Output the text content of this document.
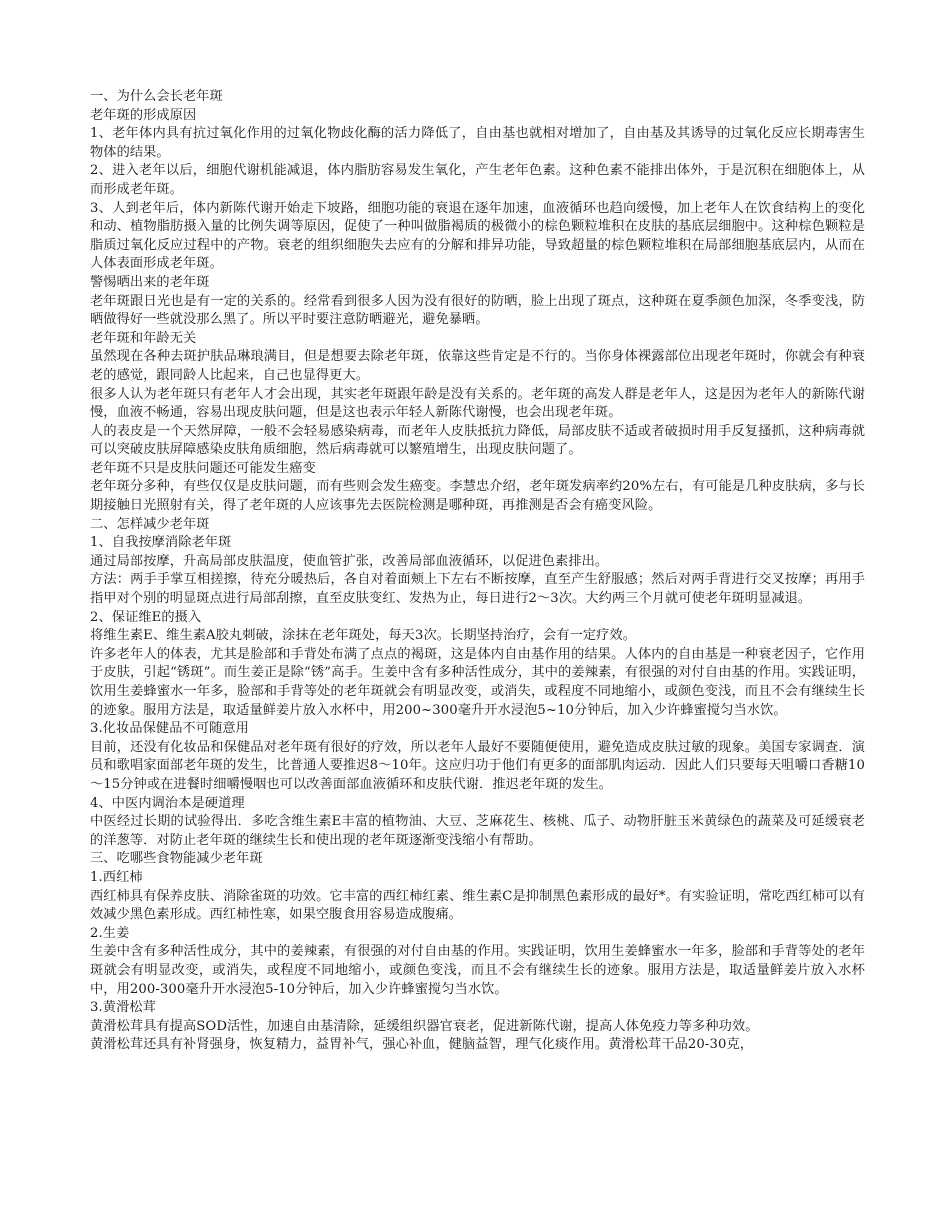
一、为什么会长老年斑
老年斑的形成原因

1、老年体内具有抗过氧化作用的过氧化物歧化酶的活力降低了，自由基也就相对增加了，自由基及其诱导的过氧化反应长期毒害生物体的结果。

2、进入老年以后，细胞代谢机能减退，体内脂肪容易发生氧化，产生老年色素。这种色素不能排出体外，于是沉积在细胞体上，从而形成老年斑。

3、人到老年后，体内新陈代谢开始走下坡路，细胞功能的衰退在逐年加速，血液循环也趋向缓慢，加上老年人在饮食结构上的变化和动、植物脂肪摄入量的比例失调等原因，促使了一种叫做脂褐质的极微小的棕色颗粒堆积在皮肤的基底层细胞中。这种棕色颗粒是脂质过氧化反应过程中的产物。衰老的组织细胞失去应有的分解和排异功能，导致超量的棕色颗粒堆积在局部细胞基底层内，从而在人体表面形成老年斑。

警惕晒出来的老年斑

老年斑跟日光也是有一定的关系的。经常看到很多人因为没有很好的防晒，脸上出现了斑点，这种斑在夏季颜色加深，冬季变浅，防晒做得好一些就没那么黑了。所以平时要注意防晒避光，避免暴晒。

老年斑和年龄无关

虽然现在各种去斑护肤品琳琅满目，但是想要去除老年斑，依靠这些肯定是不行的。当你身体裸露部位出现老年斑时，你就会有种衰老的感觉，跟同龄人比起来，自己也显得更大。

很多人认为老年斑只有老年人才会出现，其实老年斑跟年龄是没有关系的。老年斑的高发人群是老年人，这是因为老年人的新陈代谢慢，血液不畅通，容易出现皮肤问题，但是这也表示年轻人新陈代谢慢，也会出现老年斑。

人的表皮是一个天然屏障，一般不会轻易感染病毒，而老年人皮肤抵抗力降低，局部皮肤不适或者破损时用手反复搔抓，这种病毒就可以突破皮肤屏障感染皮肤角质细胞，然后病毒就可以繁殖增生，出现皮肤问题了。

老年斑不只是皮肤问题还可能发生癌变

老年斑分多种，有些仅仅是皮肤问题，而有些则会发生癌变。李慧忠介绍，老年斑发病率约20%左右，有可能是几种皮肤病，多与长期接触日光照射有关，得了老年斑的人应该事先去医院检测是哪种斑，再推测是否会有癌变风险。

二、怎样减少老年斑
1、自我按摩消除老年斑

通过局部按摩，升高局部皮肤温度，使血管扩张，改善局部血液循环，以促进色素排出。

方法：两手手掌互相搓擦，待充分暖热后，各自对着面颊上下左右不断按摩，直至产生舒服感；然后对两手背进行交叉按摩；再用手指甲对个别的明显斑点进行局部刮擦，直至皮肤变红、发热为止，每日进行2～3次。大约两三个月就可使老年斑明显减退。

2、保证维E的摄入

将维生素E、维生素A胶丸刺破，涂抹在老年斑处，每天3次。长期坚持治疗，会有一定疗效。

许多老年人的体表，尤其是脸部和手背处布满了点点的褐斑，这是体内自由基作用的结果。人体内的自由基是一种衰老因子，它作用于皮肤，引起“锈斑”。而生姜正是除“锈”高手。生姜中含有多种活性成分，其中的姜辣素，有很强的对付自由基的作用。实践证明，饮用生姜蜂蜜水一年多，脸部和手背等处的老年斑就会有明显改变，或消失，或程度不同地缩小，或颜色变浅，而且不会有继续生长的迹象。服用方法是，取适量鲜姜片放入水杯中，用200~300毫升开水浸泡5~10分钟后，加入少许蜂蜜搅匀当水饮。

3.化妆品保健品不可随意用

目前，还没有化妆品和保健品对老年斑有很好的疗效，所以老年人最好不要随便使用，避免造成皮肤过敏的现象。美国专家调查．演员和歌唱家面部老年斑的发生，比普通人要推迟8～10年。这应归功于他们有更多的面部肌肉运动．因此人们只要每天咀嚼口香糖10～15分钟或在进餐时细嚼慢咽也可以改善面部血液循环和皮肤代谢．推迟老年斑的发生。

4、中医内调治本是硬道理

中医经过长期的试验得出．多吃含维生素E丰富的植物油、大豆、芝麻花生、核桃、瓜子、动物肝脏玉米黄绿色的蔬菜及可延缓衰老的洋葱等．对防止老年斑的继续生长和使出现的老年斑逐渐变浅缩小有帮助。

三、吃哪些食物能减少老年斑
1.西红柿

西红柿具有保养皮肤、消除雀斑的功效。它丰富的西红柿红素、维生素C是抑制黑色素形成的最好*。有实验证明，常吃西红柿可以有效减少黑色素形成。西红柿性寒，如果空腹食用容易造成腹痛。

2.生姜

生姜中含有多种活性成分，其中的姜辣素，有很强的对付自由基的作用。实践证明，饮用生姜蜂蜜水一年多，脸部和手背等处的老年斑就会有明显改变，或消失，或程度不同地缩小，或颜色变浅，而且不会有继续生长的迹象。服用方法是，取适量鲜姜片放入水杯中，用200-300毫升开水浸泡5-10分钟后，加入少许蜂蜜搅匀当水饮。

3.黄滑松茸

黄滑松茸具有提高SOD活性，加速自由基清除，延缓组织器官衰老，促进新陈代谢，提高人体免疫力等多种功效。

黄滑松茸还具有补肾强身，恢复精力，益胃补气，强心补血，健脑益智，理气化痰作用。黄滑松茸干品20-30克，
